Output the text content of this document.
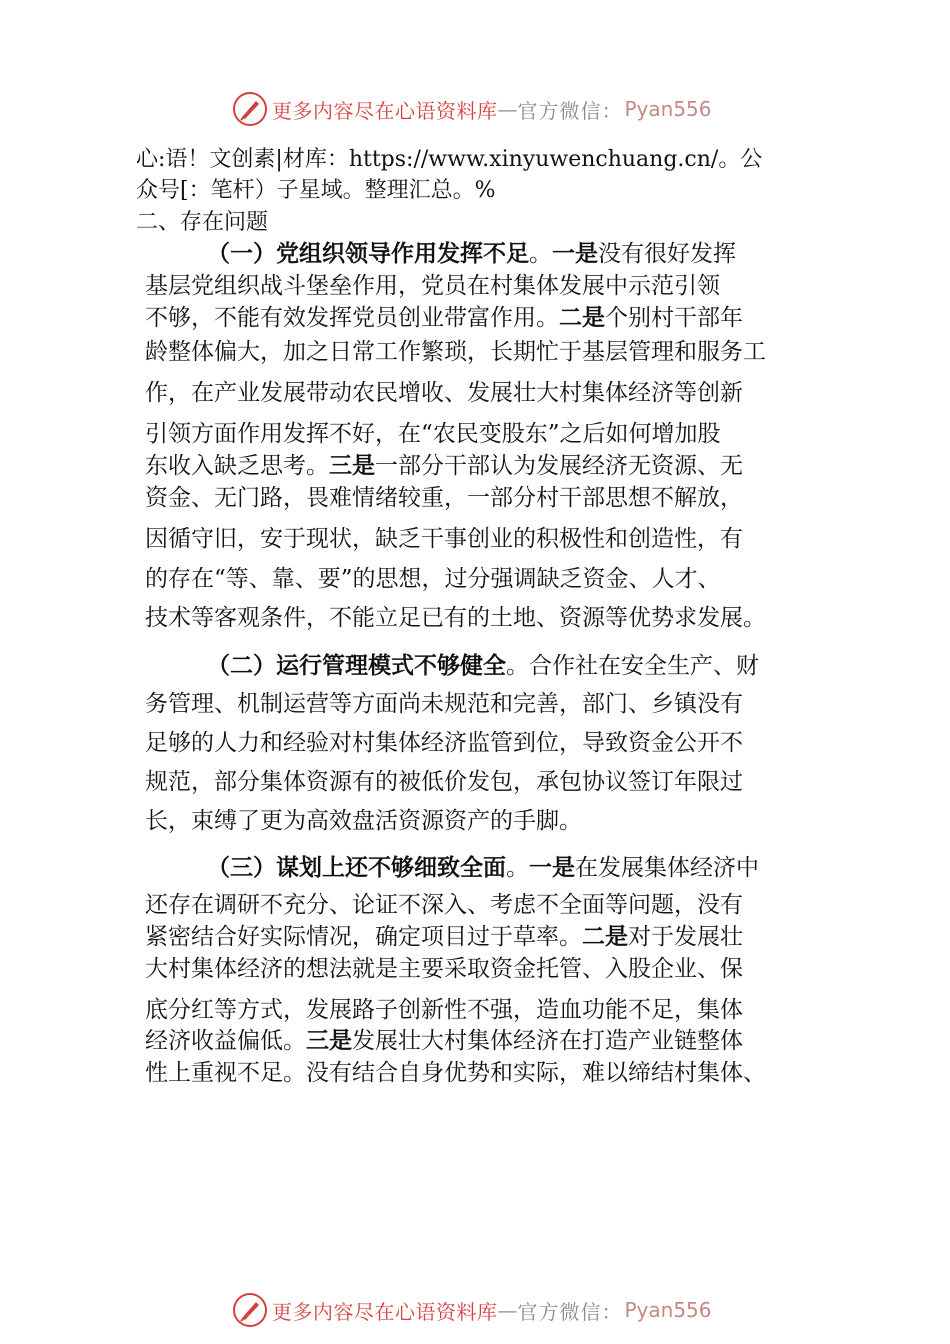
更多内容尽在心语资料库 — 官方微信： Pyan556
心:语！文创素|材库：https://www.xinyuwenchuang.cn/。公
众号[：笔杆）子星域。整理汇总。%
二、存在问题
（一）党组织领导作用发挥不足。一是没有很好发挥
基层党组织战斗堡垒作用，党员在村集体发展中示范引领
不够，不能有效发挥党员创业带富作用。二是个别村干部年
龄整体偏大，加之日常工作繁琐，长期忙于基层管理和服务工
作，在产业发展带动农民增收、发展壮大村集体经济等创新
引领方面作用发挥不好，在“农民变股东”之后如何增加股
东收入缺乏思考。三是一部分干部认为发展经济无资源、无
资金、无门路，畏难情绪较重，一部分村干部思想不解放，
因循守旧，安于现状，缺乏干事创业的积极性和创造性，有
的存在“等、靠、要”的思想，过分强调缺乏资金、人才、
技术等客观条件，不能立足已有的土地、资源等优势求发展。
（二）运行管理模式不够健全。合作社在安全生产、财
务管理、机制运营等方面尚未规范和完善，部门、乡镇没有
足够的人力和经验对村集体经济监管到位，导致资金公开不
规范，部分集体资源有的被低价发包，承包协议签订年限过
长，束缚了更为高效盘活资源资产的手脚。
（三）谋划上还不够细致全面。一是在发展集体经济中
还存在调研不充分、论证不深入、考虑不全面等问题，没有
紧密结合好实际情况，确定项目过于草率。二是对于发展壮
大村集体经济的想法就是主要采取资金托管、入股企业、保
底分红等方式，发展路子创新性不强，造血功能不足，集体
经济收益偏低。三是发展壮大村集体经济在打造产业链整体
性上重视不足。没有结合自身优势和实际，难以缔结村集体、
更多内容尽在心语资料库 — 官方微信： Pyan556
